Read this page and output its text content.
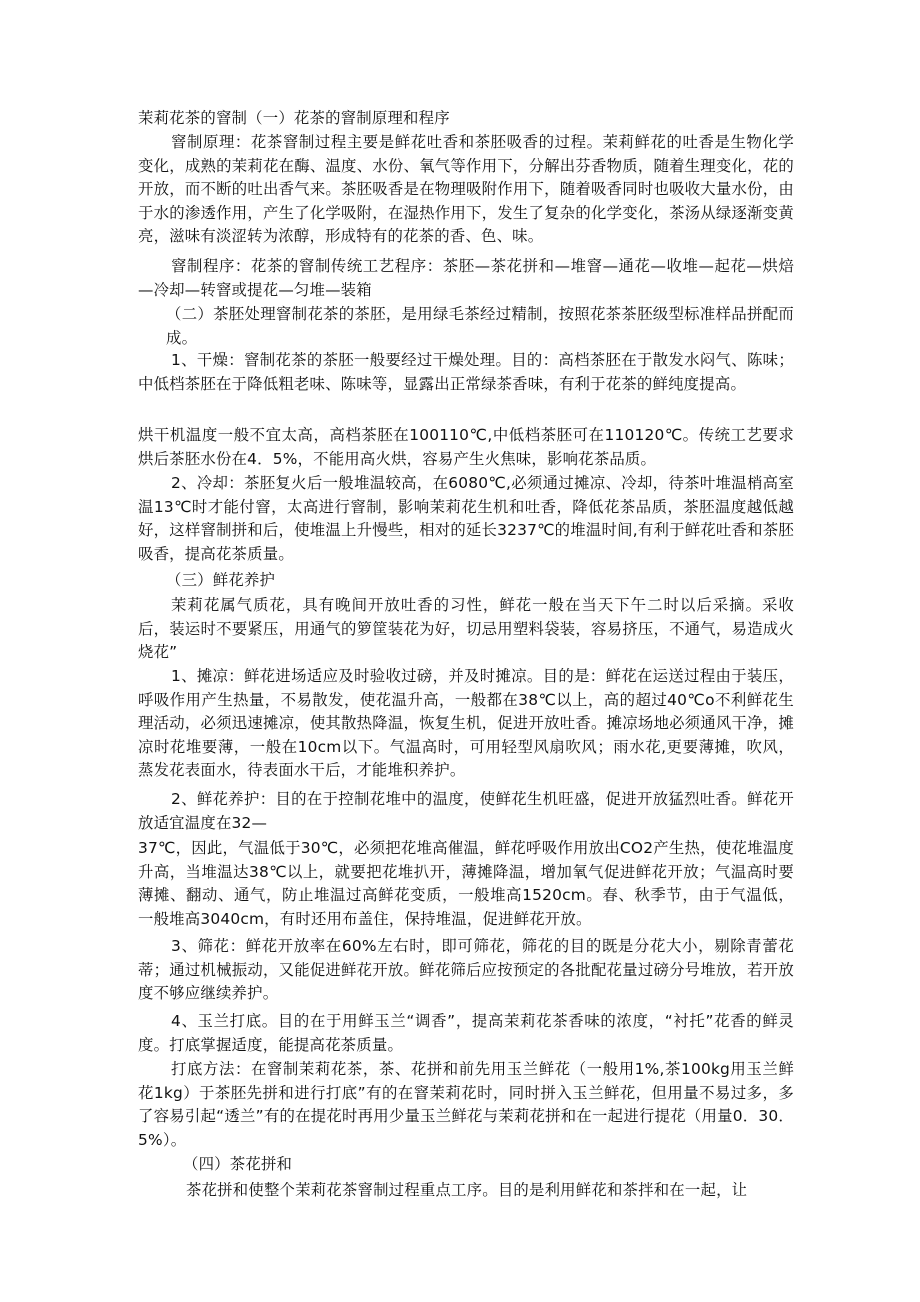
茉莉花茶的窨制（一）花茶的窨制原理和程序

窨制原理：花茶窨制过程主要是鲜花吐香和茶胚吸香的过程。茉莉鲜花的吐香是生物化学变化，成熟的茉莉花在酶、温度、水份、氧气等作用下，分解出芬香物质，随着生理变化，花的开放，而不断的吐出香气来。茶胚吸香是在物理吸附作用下，随着吸香同时也吸收大量水份，由于水的渗透作用，产生了化学吸附，在湿热作用下，发生了复杂的化学变化，茶汤从绿逐渐变黄亮，滋味有淡涩转为浓醇，形成特有的花茶的香、色、味。

窨制程序：花茶的窨制传统工艺程序：茶胚—茶花拼和—堆窨—通花—收堆—起花—烘焙—冷却—转窨或提花—匀堆—装箱

（二）茶胚处理窨制花茶的茶胚，是用绿毛茶经过精制，按照花茶茶胚级型标准样品拼配而成。

1、干燥：窨制花茶的茶胚一般要经过干燥处理。目的：高档茶胚在于散发水闷气、陈味；中低档茶胚在于降低粗老味、陈味等，显露出正常绿茶香味，有利于花茶的鲜纯度提高。

烘干机温度一般不宜太高，高档茶胚在100110℃,中低档茶胚可在110120℃。传统工艺要求烘后茶胚水份在4．5%，不能用高火烘，容易产生火焦味，影响花茶品质。

2、冷却：茶胚复火后一般堆温较高，在6080℃,必须通过摊凉、冷却，待茶叶堆温梢高室温13℃时才能付窨，太高进行窨制，影响茉莉花生机和吐香，降低花茶品质，茶胚温度越低越好，这样窨制拼和后，使堆温上升慢些，相对的延长3237℃的堆温时间,有利于鲜花吐香和茶胚吸香，提高花茶质量。

（三）鲜花养护

茉莉花属气质花，具有晚间开放吐香的习性，鲜花一般在当天下午二时以后采摘。采收后，装运时不要紧压，用通气的箩筐装花为好，切忌用塑料袋装，容易挤压，不通气，易造成火烧花”

1、摊凉：鲜花进场适应及时验收过磅，并及时摊凉。目的是：鲜花在运送过程由于装压，呼吸作用产生热量，不易散发，使花温升高，一般都在38℃以上，高的超过40℃o不利鲜花生理活动，必须迅速摊凉，使其散热降温，恢复生机，促进开放吐香。摊凉场地必须通风干净，摊凉时花堆要薄，一般在10cm以下。气温高时，可用轻型风扇吹风；雨水花,更要薄摊，吹风，蒸发花表面水，待表面水干后，才能堆积养护。

2、鲜花养护：目的在于控制花堆中的温度，使鲜花生机旺盛，促进开放猛烈吐香。鲜花开放适宜温度在32—

37℃，因此，气温低于30℃，必须把花堆高催温，鲜花呼吸作用放出CO2产生热，使花堆温度升高，当堆温达38℃以上，就要把花堆扒开，薄摊降温，增加氧气促进鲜花开放；气温高时要薄摊、翻动、通气，防止堆温过高鲜花变质，一般堆高1520cm。春、秋季节，由于气温低，一般堆高3040cm，有时还用布盖住，保持堆温，促进鲜花开放。

3、筛花：鲜花开放率在60%左右时，即可筛花，筛花的目的既是分花大小，剔除青蕾花蒂；通过机械振动，又能促进鲜花开放。鲜花筛后应按预定的各批配花量过磅分号堆放，若开放度不够应继续养护。

4、玉兰打底。目的在于用鲜玉兰“调香”，提高茉莉花茶香味的浓度，“衬托”花香的鲜灵度。打底掌握适度，能提高花茶质量。

打底方法：在窨制茉莉花茶，茶、花拼和前先用玉兰鲜花（一般用1%,茶100kg用玉兰鲜花1kg）于茶胚先拼和进行打底”有的在窨茉莉花时，同时拼入玉兰鲜花，但用量不易过多，多了容易引起“透兰”有的在提花时再用少量玉兰鲜花与茉莉花拼和在一起进行提花（用量0．30．5%）。

（四）茶花拼和

茶花拼和使整个茉莉花茶窨制过程重点工序。目的是利用鲜花和茶拌和在一起，让
